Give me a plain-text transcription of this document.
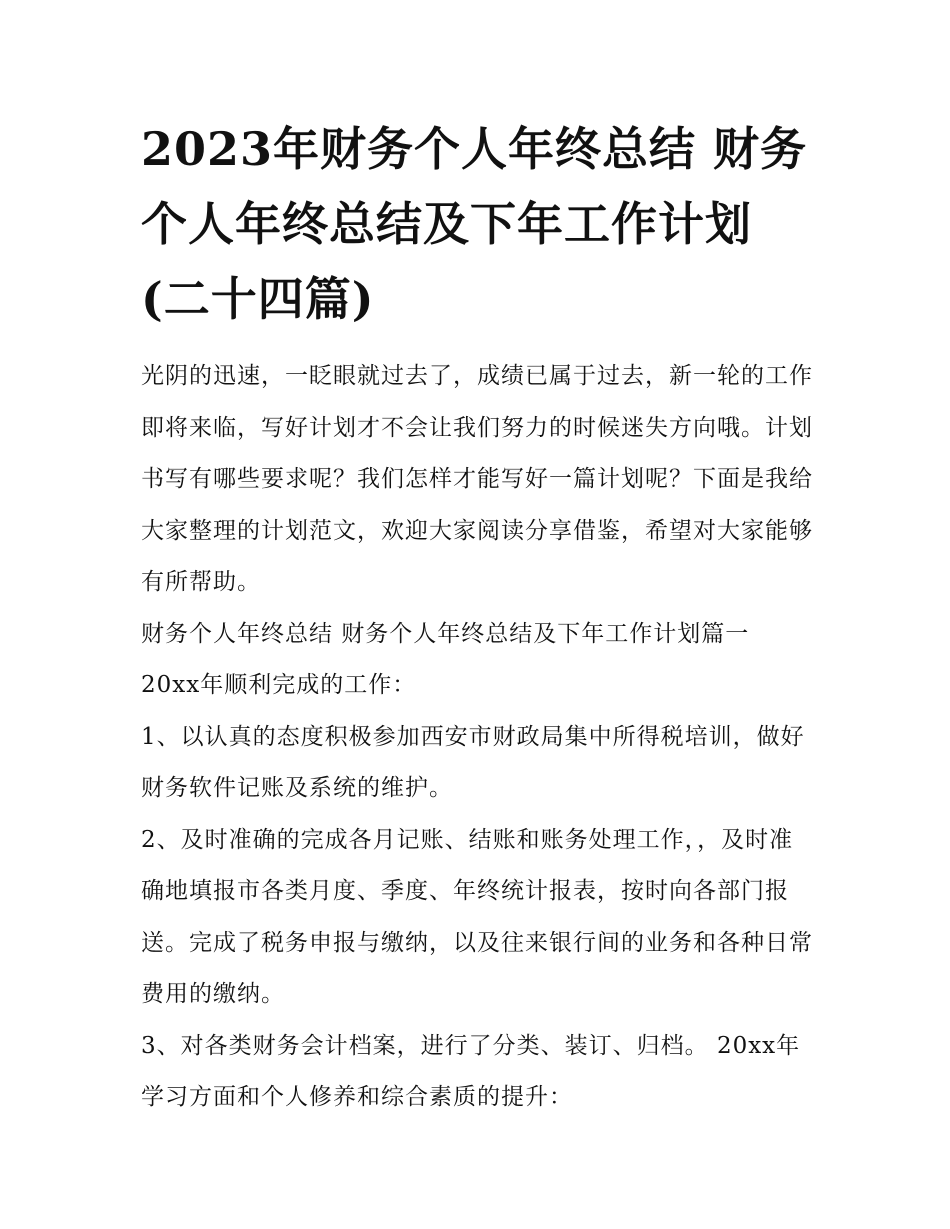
2023年财务个人年终总结 财务个人年终总结及下年工作计划(二十四篇)

光阴的迅速，一眨眼就过去了，成绩已属于过去，新一轮的工作即将来临，写好计划才不会让我们努力的时候迷失方向哦。计划书写有哪些要求呢？我们怎样才能写好一篇计划呢？下面是我给大家整理的计划范文，欢迎大家阅读分享借鉴，希望对大家能够有所帮助。

财务个人年终总结 财务个人年终总结及下年工作计划篇一

20xx年顺利完成的工作：

1、以认真的态度积极参加西安市财政局集中所得税培训，做好财务软件记账及系统的维护。

2、及时准确的完成各月记账、结账和账务处理工作，，及时准确地填报市各类月度、季度、年终统计报表，按时向各部门报送。完成了税务申报与缴纳，以及往来银行间的业务和各种日常费用的缴纳。

3、对各类财务会计档案，进行了分类、装订、归档。 20xx年学习方面和个人修养和综合素质的提升：
